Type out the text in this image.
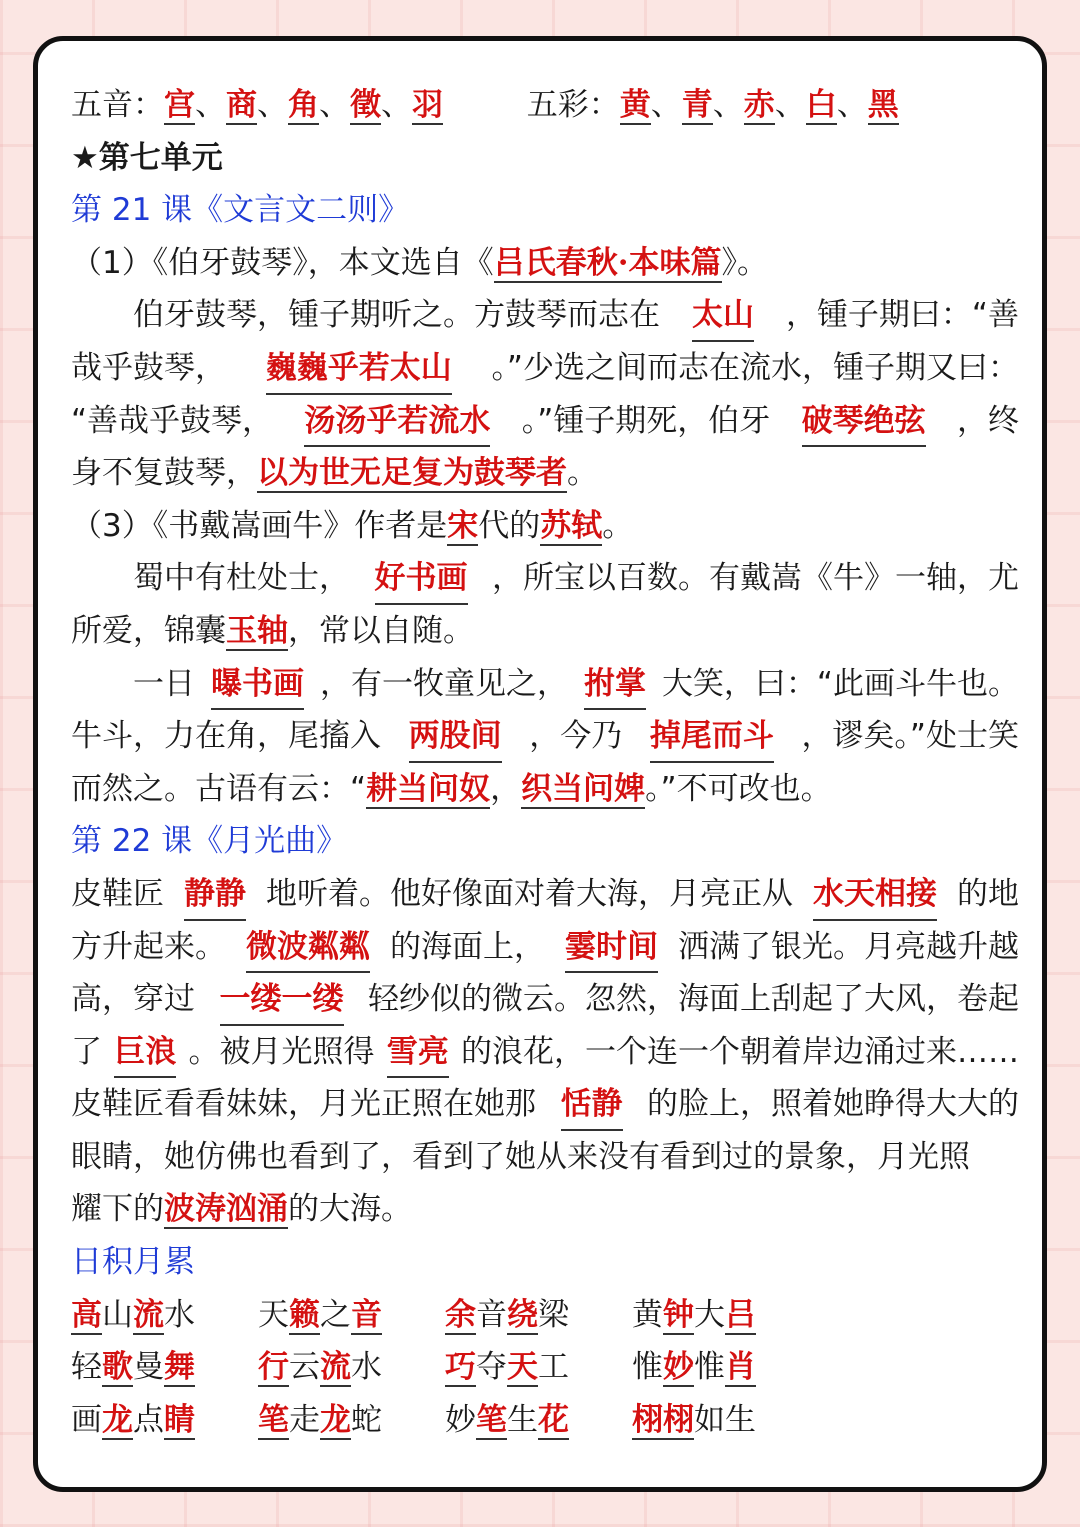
五音：宫、商、角、徵、羽	五彩：黄、青、赤、白、黑
★第七单元
第 21 课《文言文二则》
（1）《伯牙鼓琴》，本文选自《吕氏春秋·本味篇》。
伯牙鼓琴，锺子期听之。方鼓琴而志在 太山 ，锺子期曰：“善
哉乎鼓琴， 巍巍乎若太山 。”少选之间而志在流水，锺子期又曰：
“善哉乎鼓琴， 汤汤乎若流水 。”锺子期死，伯牙 破琴绝弦 ，终
身不复鼓琴，以为世无足复为鼓琴者。
（3）《书戴嵩画牛》作者是宋代的苏轼。
蜀中有杜处士， 好书画 ，所宝以百数。有戴嵩《牛》一轴，尤
所爱，锦囊玉轴，常以自随。
一日 曝书画 ，有一牧童见之， 拊掌 大笑，曰：“此画斗牛也。
牛斗，力在角，尾搐入 两股间 ，今乃 掉尾而斗 ，谬矣。”处士笑
而然之。古语有云：“耕当问奴，织当问婢。”不可改也。
第 22 课《月光曲》
皮鞋匠 静静 地听着。他好像面对着大海，月亮正从 水天相接 的地
方升起来。 微波粼粼 的海面上， 霎时间 洒满了银光。月亮越升越
高，穿过 一缕一缕 轻纱似的微云。忽然，海面上刮起了大风，卷起
了 巨浪 。被月光照得 雪亮 的浪花，一个连一个朝着岸边涌过来……
皮鞋匠看看妹妹，月光正照在她那 恬静 的脸上，照着她睁得大大的
眼睛，她仿佛也看到了，看到了她从来没有看到过的景象，月光照
耀下的波涛汹涌的大海。
日积月累
高山流水	天籁之音	余音绕梁	黄钟大吕
轻歌曼舞	行云流水	巧夺天工	惟妙惟肖
画龙点睛	笔走龙蛇	妙笔生花	栩栩如生
